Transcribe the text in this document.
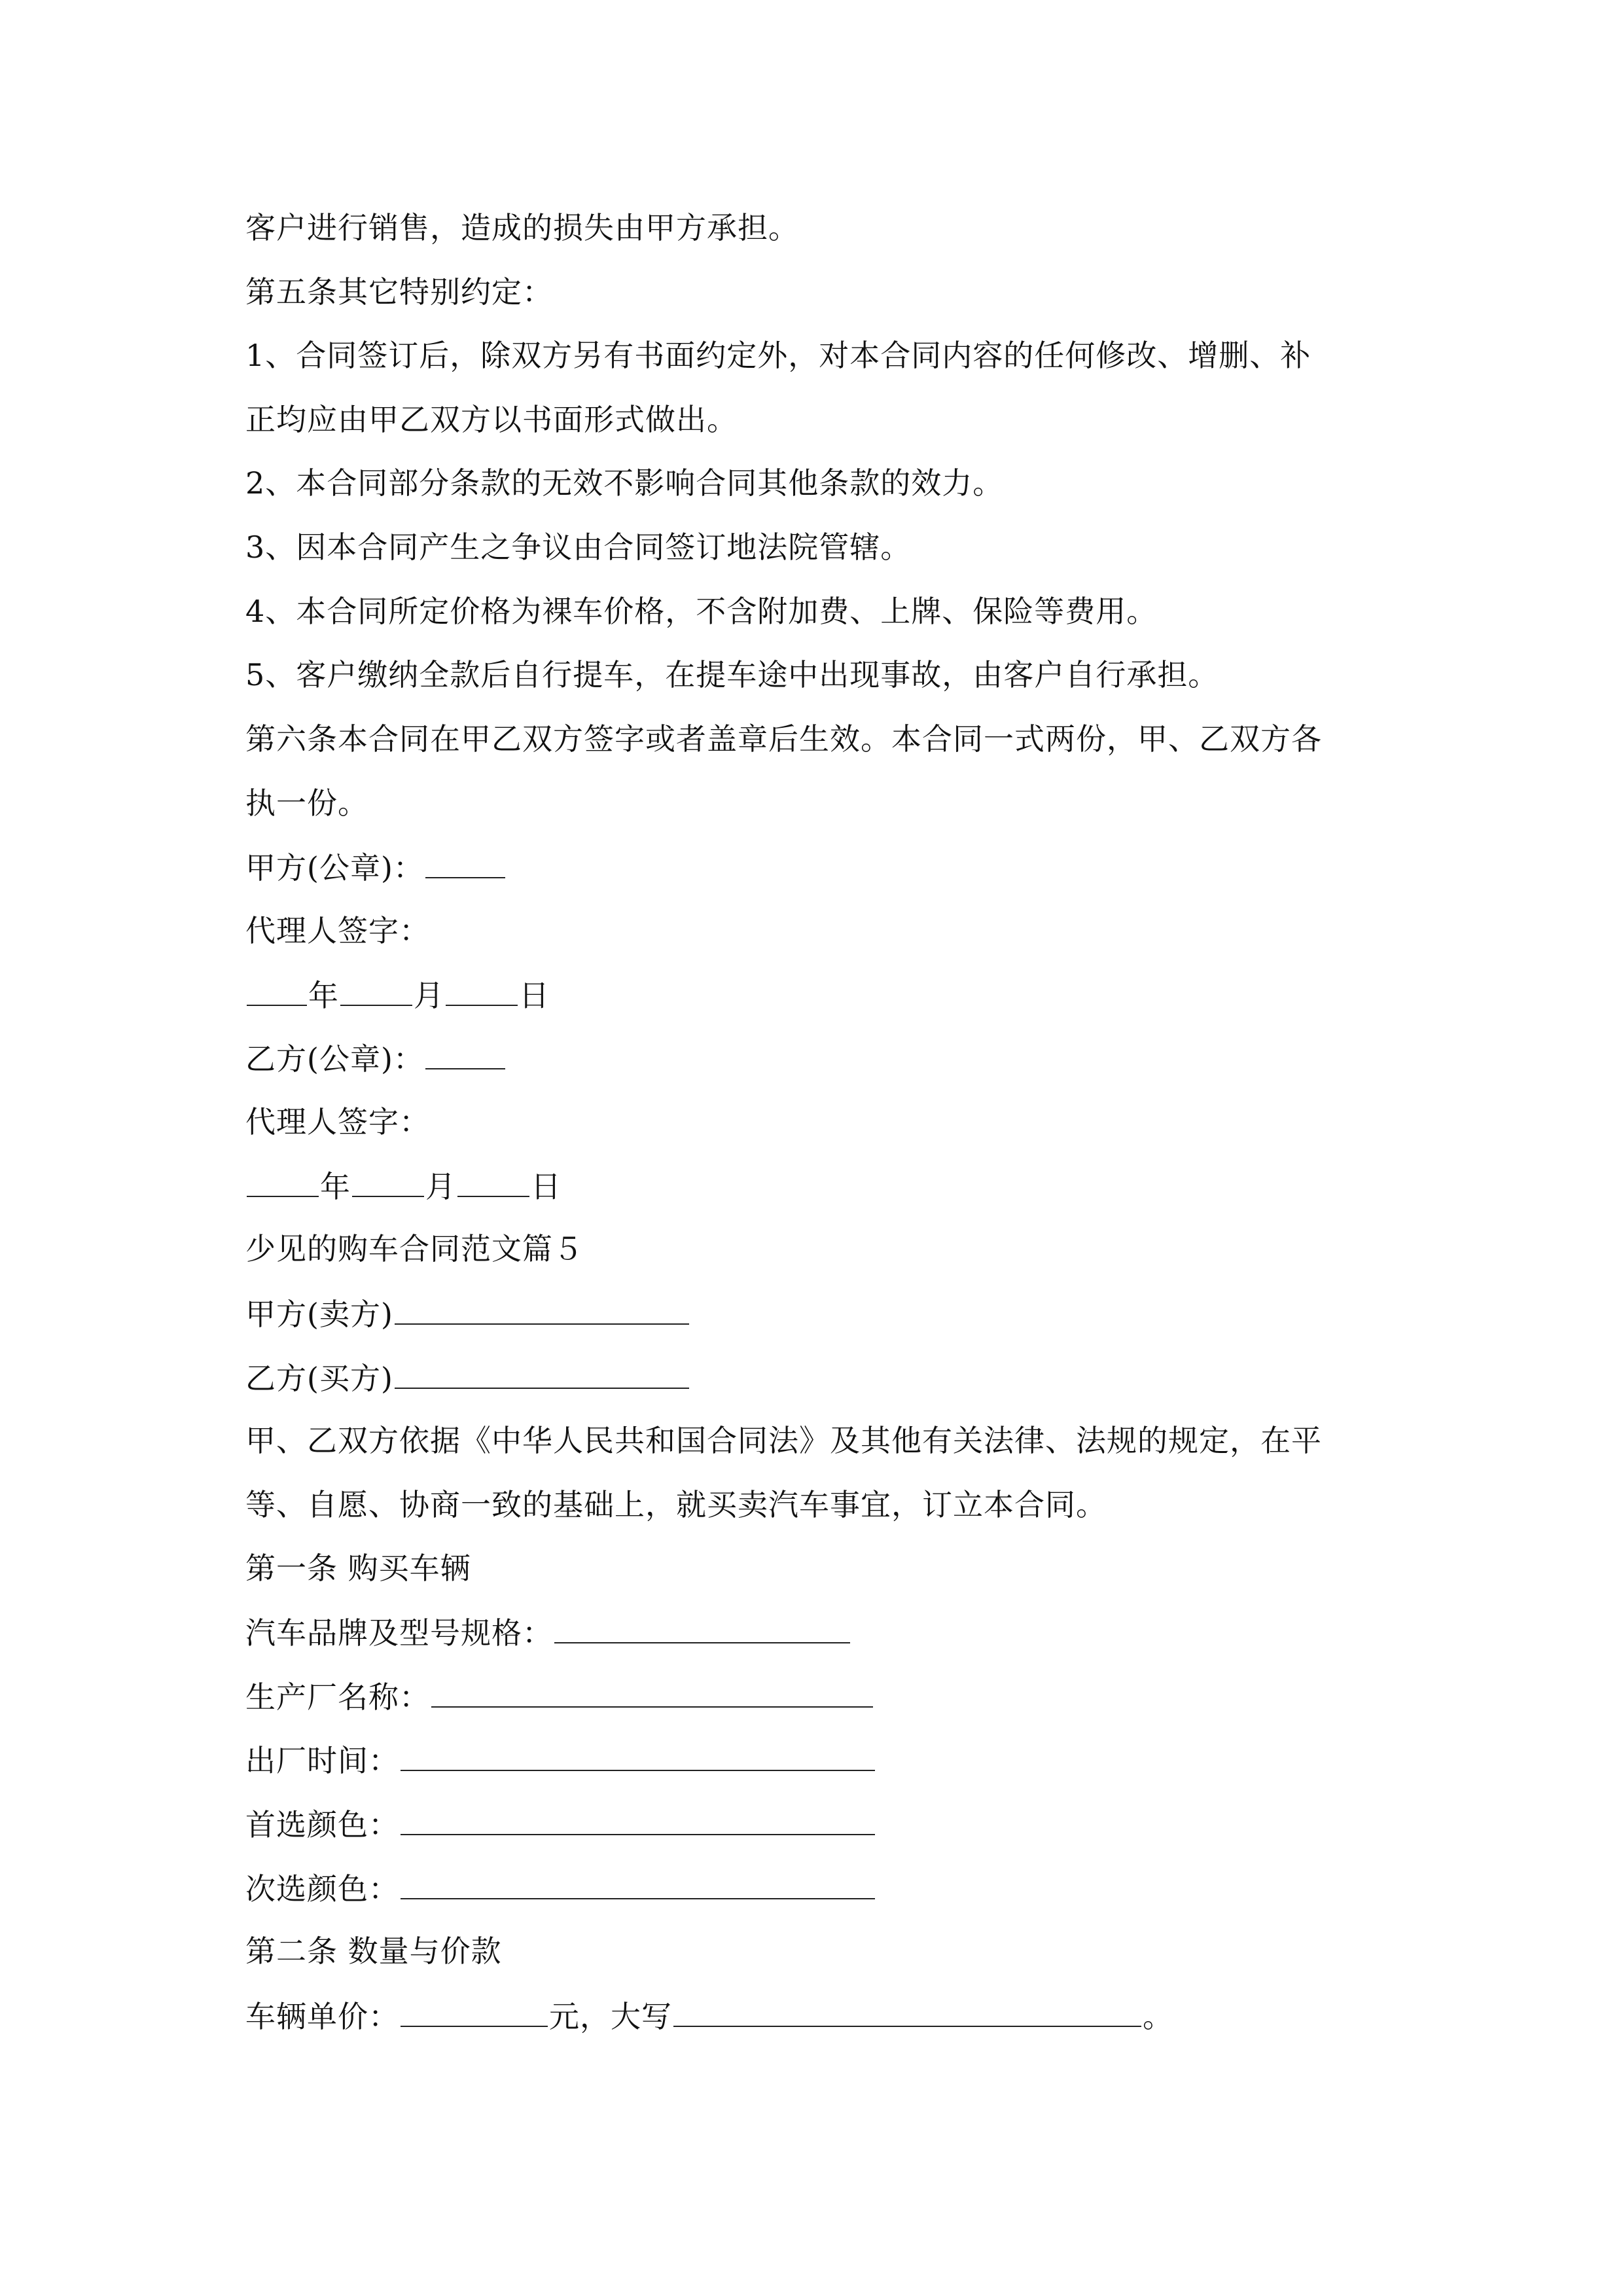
客户进行销售，造成的损失由甲方承担。
第五条其它特别约定：
1、合同签订后，除双方另有书面约定外，对本合同内容的任何修改、增删、补
正均应由甲乙双方以书面形式做出。
2、本合同部分条款的无效不影响合同其他条款的效力。
3、因本合同产生之争议由合同签订地法院管辖。
4、本合同所定价格为裸车价格，不含附加费、上牌、保险等费用。
5、客户缴纳全款后自行提车，在提车途中出现事故，由客户自行承担。
第六条本合同在甲乙双方签字或者盖章后生效。本合同一式两份，甲、乙双方各
执一份。
甲方(公章)：
代理人签字：
年 月 日
乙方(公章)：
代理人签字：
年 月 日
少见的购车合同范文篇５
甲方(卖方)
乙方(买方)
甲、乙双方依据《中华人民共和国合同法》及其他有关法律、法规的规定，在平
等、自愿、协商一致的基础上，就买卖汽车事宜，订立本合同。
第一条 购买车辆
汽车品牌及型号规格：
生产厂名称：
出厂时间：
首选颜色：
次选颜色：
第二条 数量与价款
车辆单价：	元，大写	。
